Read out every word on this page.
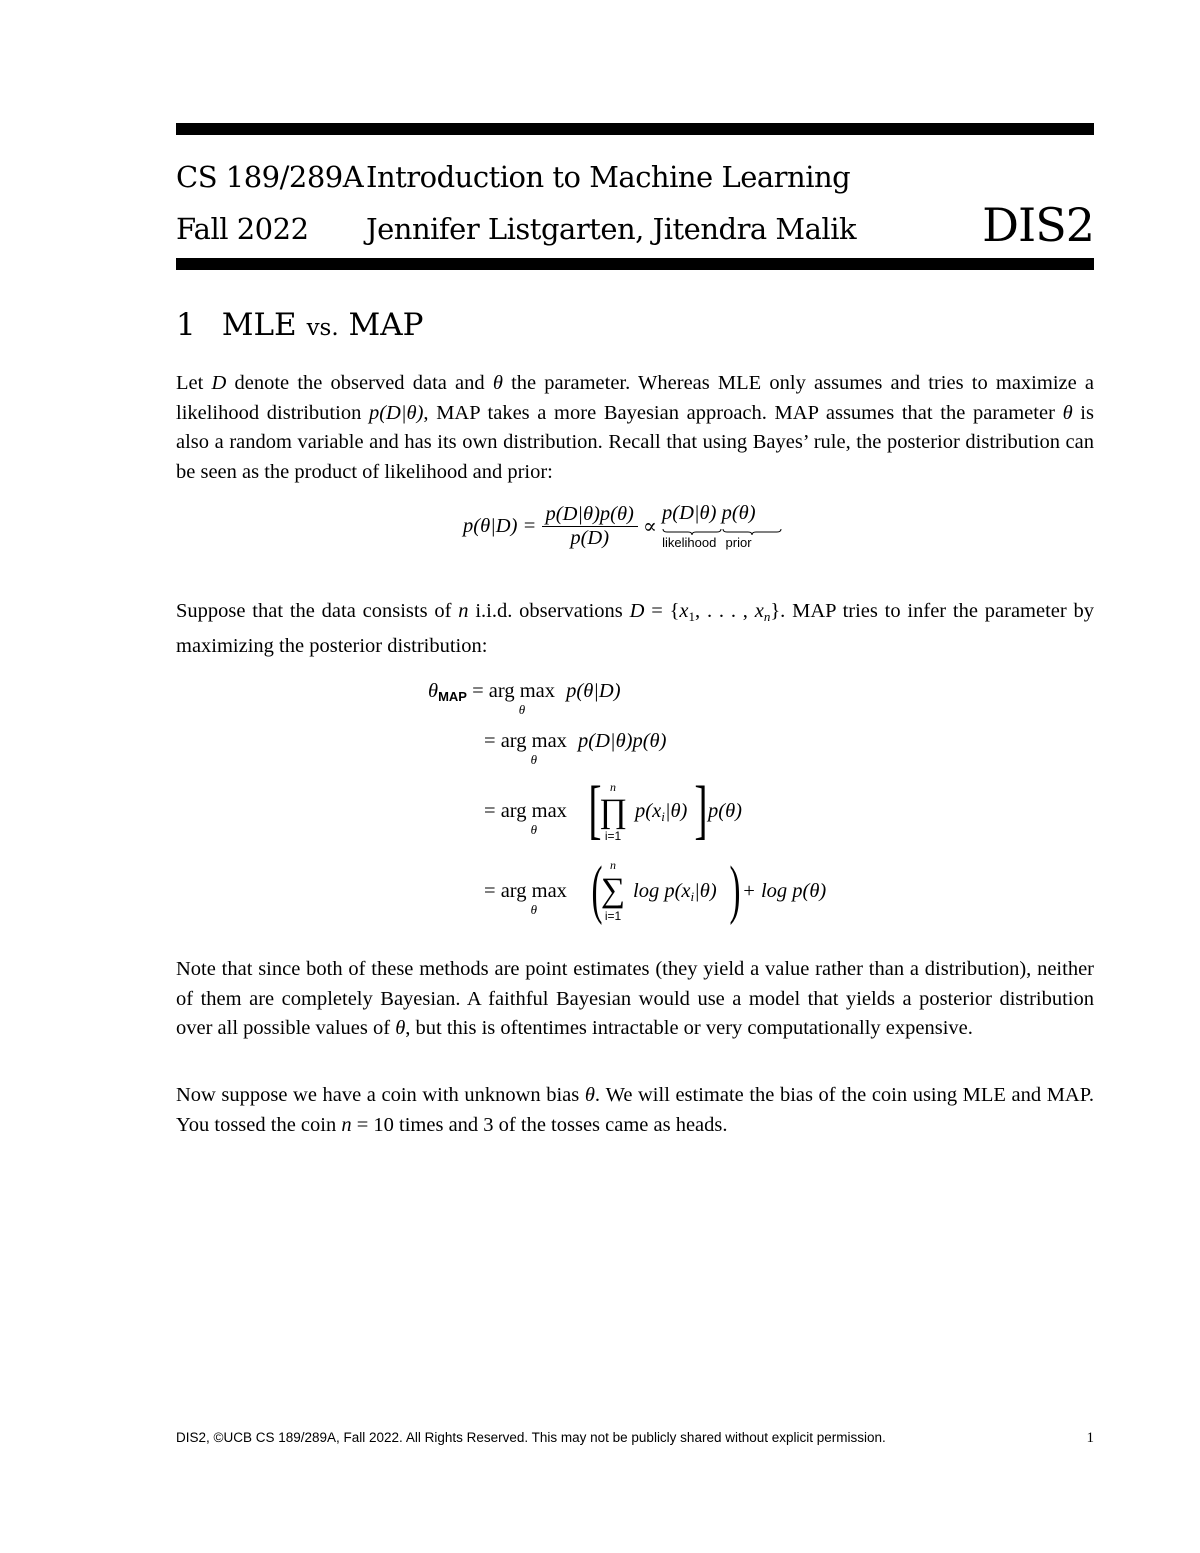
CS 189/289A Introduction to Machine Learning
Fall 2022 Jennifer Listgarten, Jitendra Malik	DIS2
1 MLE vs. MAP

Let D denote the observed data and θ the parameter. Whereas MLE only assumes and tries to maximize a likelihood distribution p(D|θ), MAP takes a more Bayesian approach. MAP assumes that the parameter θ is also a random variable and has its own distribution. Recall that using Bayes’ rule, the posterior distribution can be seen as the product of likelihood and prior:

$p(\theta|D) = \frac{p(D|\theta)p(\theta)}{p(D)} \propto p(D|\theta)$
likelihood
p(θ)
prior

Suppose that the data consists of n i.i.d. observations $D = \{x_1$, . . . , $x_n$}. MAP tries to infer the parameter by maximizing the posterior distribution:

θMAP = arg max
θ
p(θ|D)
= arg max
θ
p(D|θ)p(θ)
= arg max
θ [ n
∏
i=1
$p(x_i|\theta)$ ] p(θ)
= arg max
θ ( n
∑
i=1
$\log p(x_i|\theta)$ ) + log p(θ)

Note that since both of these methods are point estimates (they yield a value rather than a distribution), neither of them are completely Bayesian. A faithful Bayesian would use a model that yields a posterior distribution over all possible values of θ, but this is oftentimes intractable or very computationally expensive.

Now suppose we have a coin with unknown bias θ. We will estimate the bias of the coin using MLE and MAP. You tossed the coin n = 10 times and 3 of the tosses came as heads.

DIS2, ©UCB CS 189/289A, Fall 2022. All Rights Reserved. This may not be publicly shared without explicit permission.	1
